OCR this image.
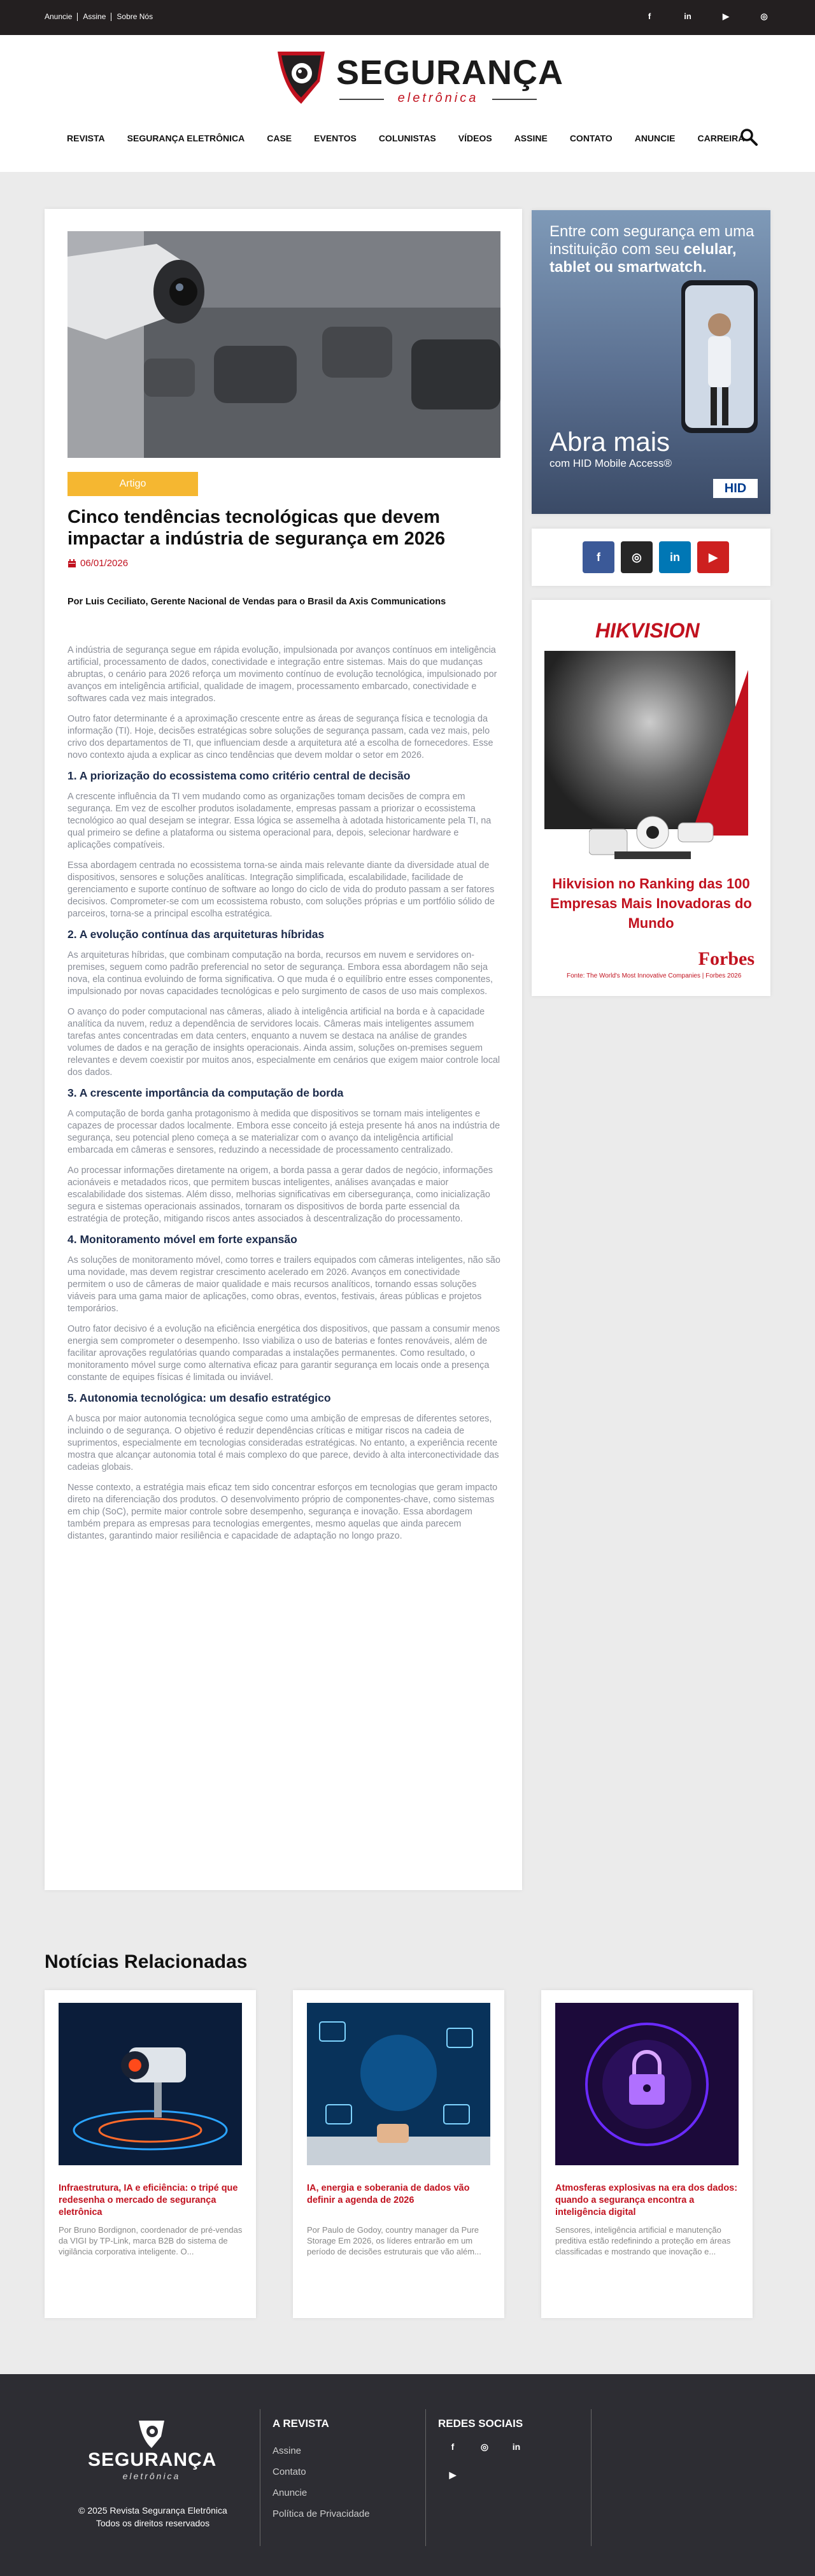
Anuncie	Assine	Sobre Nós	f	in	▶	◎
SEGURANÇA
eletrônica
REVISTA	SEGURANÇA ELETRÔNICA	CASE	EVENTOS	COLUNISTAS	VÍDEOS	ASSINE	CONTATO	ANUNCIE	CARREIRA
Artigo
Cinco tendências tecnológicas que devem impactar a indústria de segurança em 2026
06/01/2026
Por Luis Ceciliato, Gerente Nacional de Vendas para o Brasil da Axis Communications

A indústria de segurança segue em rápida evolução, impulsionada por avanços contínuos em inteligência artificial, processamento de dados, conectividade e integração entre sistemas. Mais do que mudanças abruptas, o cenário para 2026 reforça um movimento contínuo de evolução tecnológica, impulsionado por avanços em inteligência artificial, qualidade de imagem, processamento embarcado, conectividade e softwares cada vez mais integrados.

Outro fator determinante é a aproximação crescente entre as áreas de segurança física e tecnologia da informação (TI). Hoje, decisões estratégicas sobre soluções de segurança passam, cada vez mais, pelo crivo dos departamentos de TI, que influenciam desde a arquitetura até a escolha de fornecedores. Esse novo contexto ajuda a explicar as cinco tendências que devem moldar o setor em 2026.

1. A priorização do ecossistema como critério central de decisão

A crescente influência da TI vem mudando como as organizações tomam decisões de compra em segurança. Em vez de escolher produtos isoladamente, empresas passam a priorizar o ecossistema tecnológico ao qual desejam se integrar. Essa lógica se assemelha à adotada historicamente pela TI, na qual primeiro se define a plataforma ou sistema operacional para, depois, selecionar hardware e aplicações compatíveis.

Essa abordagem centrada no ecossistema torna-se ainda mais relevante diante da diversidade atual de dispositivos, sensores e soluções analíticas. Integração simplificada, escalabilidade, facilidade de gerenciamento e suporte contínuo de software ao longo do ciclo de vida do produto passam a ser fatores decisivos. Comprometer-se com um ecossistema robusto, com soluções próprias e um portfólio sólido de parceiros, torna-se a principal escolha estratégica.

2. A evolução contínua das arquiteturas híbridas

As arquiteturas híbridas, que combinam computação na borda, recursos em nuvem e servidores on-premises, seguem como padrão preferencial no setor de segurança. Embora essa abordagem não seja nova, ela continua evoluindo de forma significativa. O que muda é o equilíbrio entre esses componentes, impulsionado por novas capacidades tecnológicas e pelo surgimento de casos de uso mais complexos.

O avanço do poder computacional nas câmeras, aliado à inteligência artificial na borda e à capacidade analítica da nuvem, reduz a dependência de servidores locais. Câmeras mais inteligentes assumem tarefas antes concentradas em data centers, enquanto a nuvem se destaca na análise de grandes volumes de dados e na geração de insights operacionais. Ainda assim, soluções on-premises seguem relevantes e devem coexistir por muitos anos, especialmente em cenários que exigem maior controle local dos dados.

3. A crescente importância da computação de borda

A computação de borda ganha protagonismo à medida que dispositivos se tornam mais inteligentes e capazes de processar dados localmente. Embora esse conceito já esteja presente há anos na indústria de segurança, seu potencial pleno começa a se materializar com o avanço da inteligência artificial embarcada em câmeras e sensores, reduzindo a necessidade de processamento centralizado.

Ao processar informações diretamente na origem, a borda passa a gerar dados de negócio, informações acionáveis e metadados ricos, que permitem buscas inteligentes, análises avançadas e maior escalabilidade dos sistemas. Além disso, melhorias significativas em cibersegurança, como inicialização segura e sistemas operacionais assinados, tornaram os dispositivos de borda parte essencial da estratégia de proteção, mitigando riscos antes associados à descentralização do processamento.

4. Monitoramento móvel em forte expansão

As soluções de monitoramento móvel, como torres e trailers equipados com câmeras inteligentes, não são uma novidade, mas devem registrar crescimento acelerado em 2026. Avanços em conectividade permitem o uso de câmeras de maior qualidade e mais recursos analíticos, tornando essas soluções viáveis para uma gama maior de aplicações, como obras, eventos, festivais, áreas públicas e projetos temporários.

Outro fator decisivo é a evolução na eficiência energética dos dispositivos, que passam a consumir menos energia sem comprometer o desempenho. Isso viabiliza o uso de baterias e fontes renováveis, além de facilitar aprovações regulatórias quando comparadas a instalações permanentes. Como resultado, o monitoramento móvel surge como alternativa eficaz para garantir segurança em locais onde a presença constante de equipes físicas é limitada ou inviável.

5. Autonomia tecnológica: um desafio estratégico

A busca por maior autonomia tecnológica segue como uma ambição de empresas de diferentes setores, incluindo o de segurança. O objetivo é reduzir dependências críticas e mitigar riscos na cadeia de suprimentos, especialmente em tecnologias consideradas estratégicas. No entanto, a experiência recente mostra que alcançar autonomia total é mais complexo do que parece, devido à alta interconectividade das cadeias globais.

Nesse contexto, a estratégia mais eficaz tem sido concentrar esforços em tecnologias que geram impacto direto na diferenciação dos produtos. O desenvolvimento próprio de componentes-chave, como sistemas em chip (SoC), permite maior controle sobre desempenho, segurança e inovação. Essa abordagem também prepara as empresas para tecnologias emergentes, mesmo aquelas que ainda parecem distantes, garantindo maior resiliência e capacidade de adaptação no longo prazo.

Entre com segurança em uma instituição com seu celular, tablet ou smartwatch.
Abra mais
com HID Mobile Access®
HID
f	◎	in	▶
HIKVISION
Hikvision no Ranking das 100 Empresas Mais Inovadoras do Mundo
Forbes
Fonte: The World's Most Innovative Companies | Forbes 2026
Notícias Relacionadas
Infraestrutura, IA e eficiência: o tripé que redesenha o mercado de segurança eletrônica
Por Bruno Bordignon, coordenador de pré-vendas da VIGI by TP-Link, marca B2B do sistema de vigilância corporativa inteligente. O...
IA, energia e soberania de dados vão definir a agenda de 2026
Por Paulo de Godoy, country manager da Pure Storage Em 2026, os líderes entrarão em um período de decisões estruturais que vão além...
Atmosferas explosivas na era dos dados: quando a segurança encontra a inteligência digital
Sensores, inteligência artificial e manutenção preditiva estão redefinindo a proteção em áreas classificadas e mostrando que inovação e...
SEGURANÇA
eletrônica
© 2025 Revista Segurança Eletrônica
Todos os direitos reservados
A REVISTA
Assine
Contato
Anuncie
Política de Privacidade
REDES SOCIAIS
f	◎	in
▶
